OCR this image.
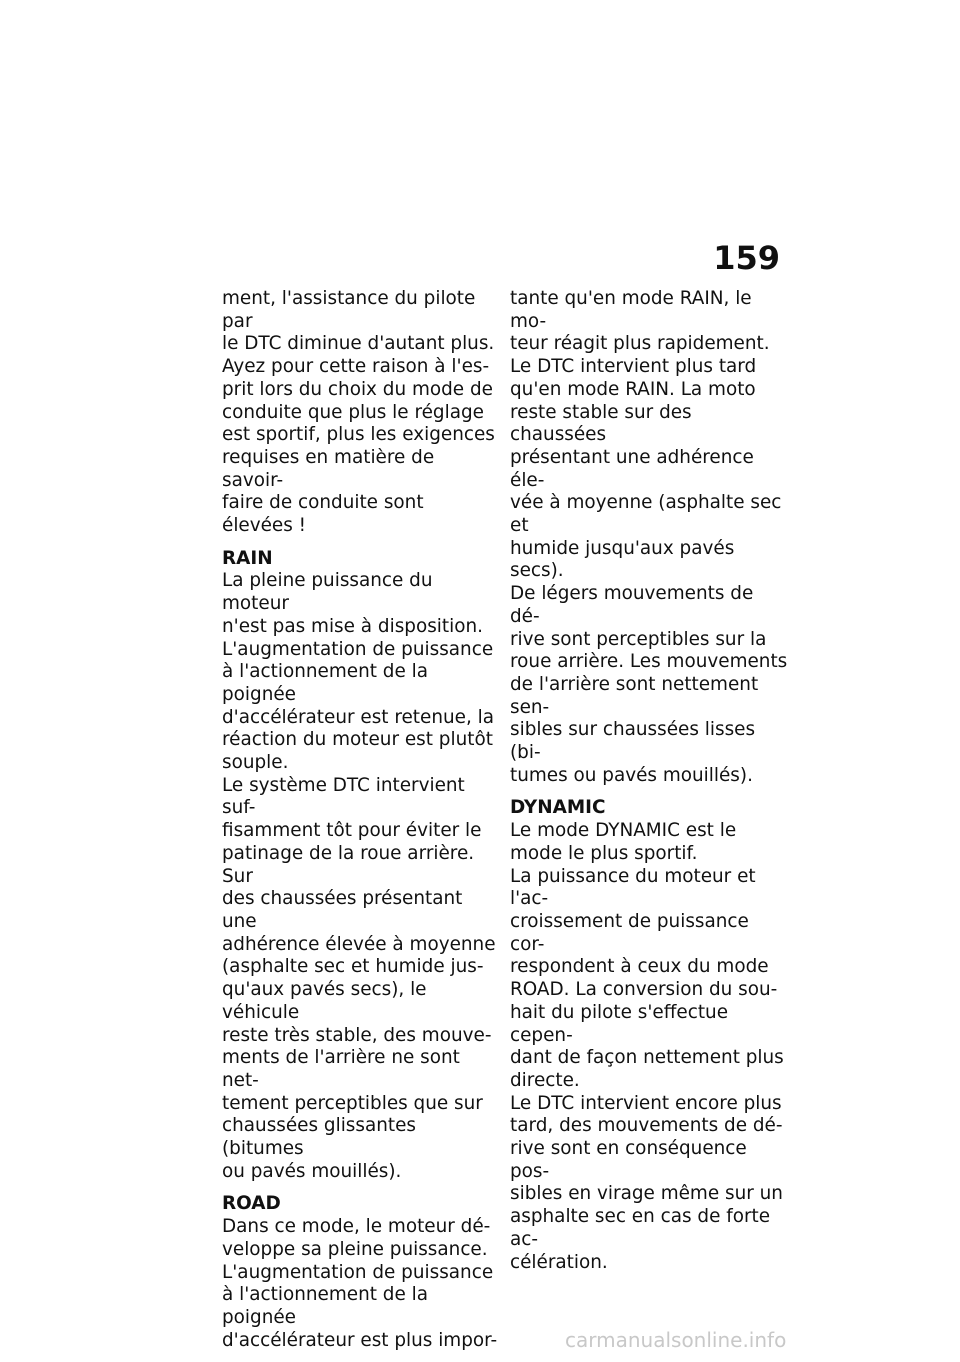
159

ment, l'assistance du pilote par
le DTC diminue d'autant plus.
Ayez pour cette raison à l'es-
prit lors du choix du mode de
conduite que plus le réglage
est sportif, plus les exigences
requises en matière de savoir-
faire de conduite sont élevées !

RAIN

La pleine puissance du moteur
n'est pas mise à disposition.
L'augmentation de puissance
à l'actionnement de la poignée
d'accélérateur est retenue, la
réaction du moteur est plutôt
souple.
Le système DTC intervient suf-
fisamment tôt pour éviter le
patinage de la roue arrière. Sur
des chaussées présentant une
adhérence élevée à moyenne
(asphalte sec et humide jus-
qu'aux pavés secs), le véhicule
reste très stable, des mouve-
ments de l'arrière ne sont net-
tement perceptibles que sur
chaussées glissantes (bitumes
ou pavés mouillés).

ROAD

Dans ce mode, le moteur dé-
veloppe sa pleine puissance.
L'augmentation de puissance
à l'actionnement de la poignée
d'accélérateur est plus impor-

tante qu'en mode RAIN, le mo-
teur réagit plus rapidement.
Le DTC intervient plus tard
qu'en mode RAIN. La moto
reste stable sur des chaussées
présentant une adhérence éle-
vée à moyenne (asphalte sec et
humide jusqu'aux pavés secs).
De légers mouvements de dé-
rive sont perceptibles sur la
roue arrière. Les mouvements
de l'arrière sont nettement sen-
sibles sur chaussées lisses (bi-
tumes ou pavés mouillés).

DYNAMIC

Le mode DYNAMIC est le
mode le plus sportif.
La puissance du moteur et l'ac-
croissement de puissance cor-
respondent à ceux du mode
ROAD. La conversion du sou-
hait du pilote s'effectue cepen-
dant de façon nettement plus
directe.
Le DTC intervient encore plus
tard, des mouvements de dé-
rive sont en conséquence pos-
sibles en virage même sur un
asphalte sec en cas de forte ac-
célération.

carmanualsonline.info
